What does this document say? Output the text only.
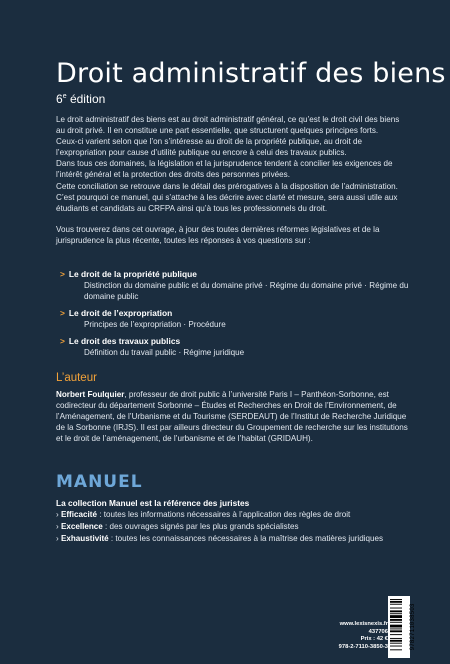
Droit administratif des biens
6e édition

Le droit administratif des biens est au droit administratif général, ce qu’est le droit civil des biens au droit privé. Il en constitue une part essentielle, que structurent quelques principes forts.

Ceux-ci varient selon que l’on s’intéresse au droit de la propriété publique, au droit de l’expropriation pour cause d’utilité publique ou encore à celui des travaux publics.

Dans tous ces domaines, la législation et la jurisprudence tendent à concilier les exigences de l’intérêt général et la protection des droits des personnes privées.

Cette conciliation se retrouve dans le détail des prérogatives à la disposition de l’administration. C’est pourquoi ce manuel, qui s’attache à les décrire avec clarté et mesure, sera aussi utile aux étudiants et candidats au CRFPA ainsi qu’à tous les professionnels du droit.

Vous trouverez dans cet ouvrage, à jour des toutes dernières réformes législatives et de la jurisprudence la plus récente, toutes les réponses à vos questions sur :

> Le droit de la propriété publique
Distinction du domaine public et du domaine privé · Régime du domaine privé · Régime du domaine public
> Le droit de l’expropriation
Principes de l’expropriation · Procédure
> Le droit des travaux publics
Définition du travail public · Régime juridique
L’auteur
Norbert Foulquier, professeur de droit public à l’université Paris I – Panthéon-Sorbonne, est codirecteur du département Sorbonne – Études et Recherches en Droit de l’Environnement, de l’Aménagement, de l’Urbanisme et du Tourisme (SERDEAUT) de l’Institut de Recherche Juridique de la Sorbonne (IRJS). Il est par ailleurs directeur du Groupement de recherche sur les institutions et le droit de l’aménagement, de l’urbanisme et de l’habitat (GRIDAUH).
MANUEL
La collection Manuel est la référence des juristes
› Efficacité : toutes les informations nécessaires à l’application des règles de droit
› Excellence : des ouvrages signés par les plus grands spécialistes
› Exhaustivité : toutes les connaissances nécessaires à la maîtrise des matières juridiques
www.lexisnexis.fr
437706
Prix : 42 €
978-2-7110-3850-3	9782711038503
